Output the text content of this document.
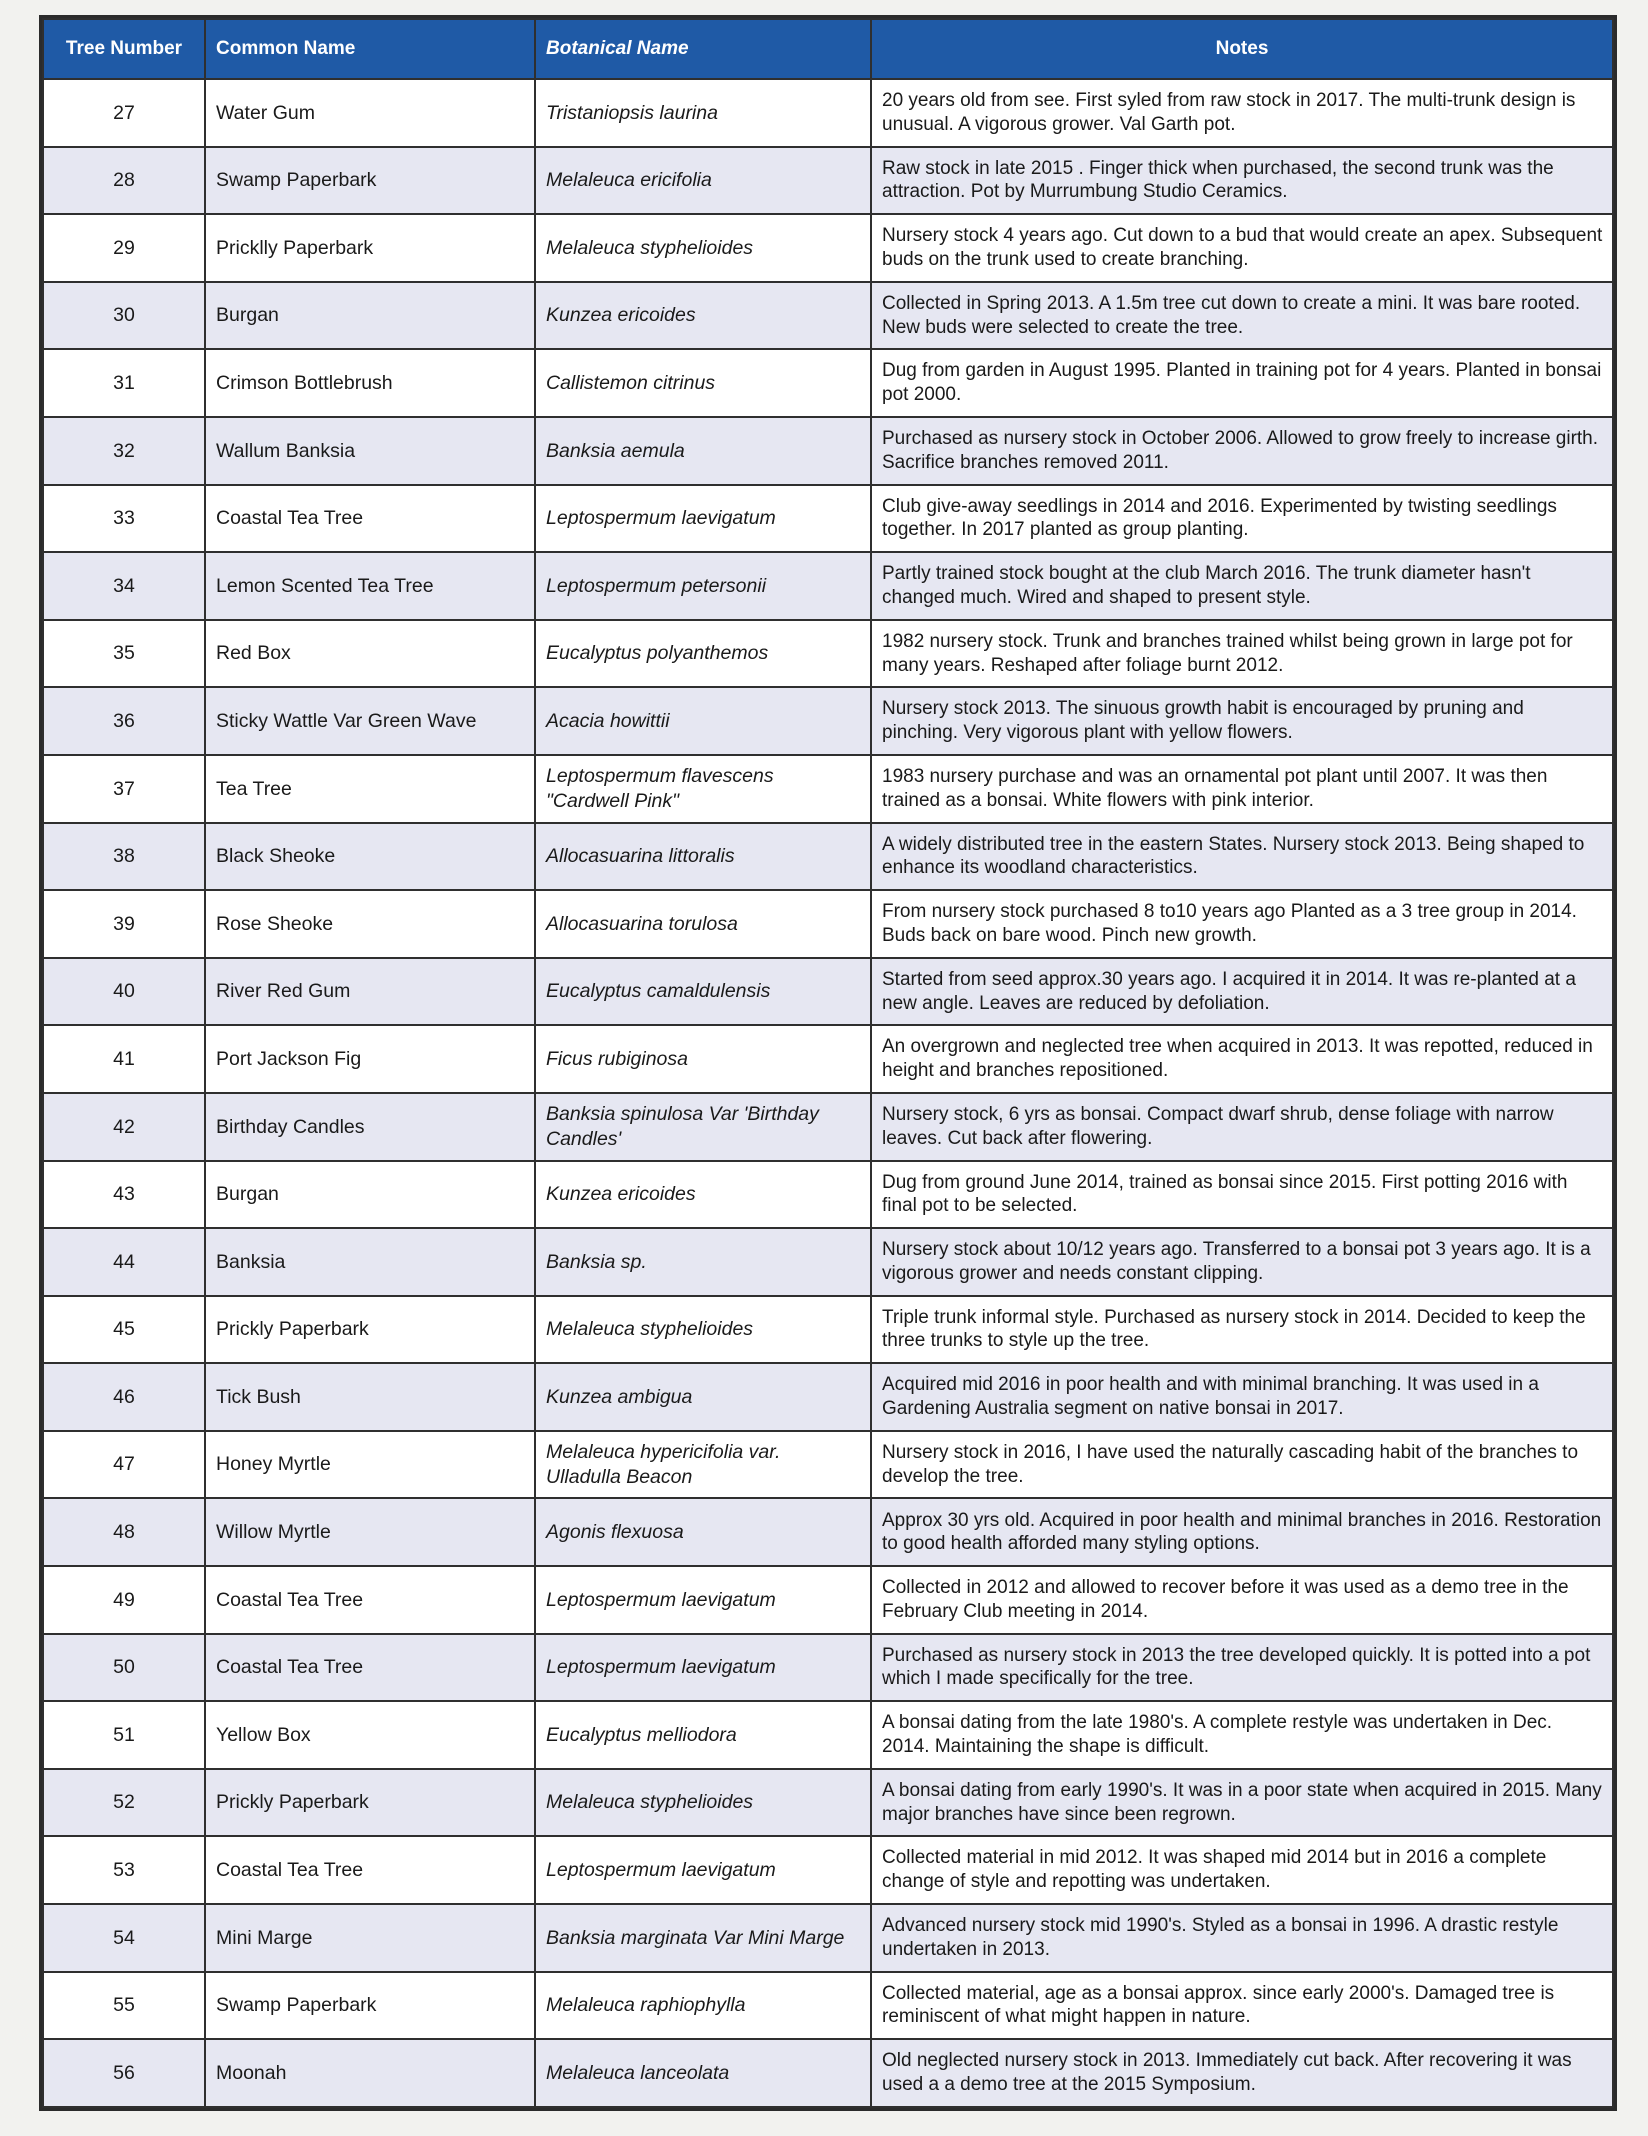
Tree Number	Common Name	Botanical Name	Notes
27	Water Gum	Tristaniopsis laurina	20 years old from see. First syled from raw stock in 2017. The multi-trunk design is unusual. A vigorous grower. Val Garth pot.
28	Swamp Paperbark	Melaleuca ericifolia	Raw stock in late 2015 . Finger thick when purchased, the second trunk was the attraction. Pot by Murrumbung Studio Ceramics.
29	Pricklly Paperbark	Melaleuca styphelioides	Nursery stock 4 years ago. Cut down to a bud that would create an apex. Subsequent buds on the trunk used to create branching.
30	Burgan	Kunzea ericoides	Collected in Spring 2013. A 1.5m tree cut down to create a mini. It was bare rooted. New buds were selected to create the tree.
31	Crimson Bottlebrush	Callistemon citrinus	Dug from garden in August 1995. Planted in training pot for 4 years. Planted in bonsai pot 2000.
32	Wallum Banksia	Banksia aemula	Purchased as nursery stock in October 2006. Allowed to grow freely to increase girth. Sacrifice branches removed 2011.
33	Coastal Tea Tree	Leptospermum laevigatum	Club give-away seedlings in 2014 and 2016. Experimented by twisting seedlings together. In 2017 planted as group planting.
34	Lemon Scented Tea Tree	Leptospermum petersonii	Partly trained stock bought at the club March 2016. The trunk diameter hasn't changed much. Wired and shaped to present style.
35	Red Box	Eucalyptus polyanthemos	1982 nursery stock. Trunk and branches trained whilst being grown in large pot for many years. Reshaped after foliage burnt 2012.
36	Sticky Wattle Var Green Wave	Acacia howittii	Nursery stock 2013. The sinuous growth habit is encouraged by pruning and pinching. Very vigorous plant with yellow flowers.
37	Tea Tree	Leptospermum flavescens "Cardwell Pink"	1983 nursery purchase and was an ornamental pot plant until 2007. It was then trained as a bonsai. White flowers with pink interior.
38	Black Sheoke	Allocasuarina littoralis	A widely distributed tree in the eastern States. Nursery stock 2013. Being shaped to enhance its woodland characteristics.
39	Rose Sheoke	Allocasuarina torulosa	From nursery stock purchased 8 to10 years ago Planted as a 3 tree group in 2014. Buds back on bare wood. Pinch new growth.
40	River Red Gum	Eucalyptus camaldulensis	Started from seed approx.30 years ago. I acquired it in 2014. It was re-planted at a new angle. Leaves are reduced by defoliation.
41	Port Jackson Fig	Ficus rubiginosa	An overgrown and neglected tree when acquired in 2013. It was repotted, reduced in height and branches repositioned.
42	Birthday Candles	Banksia spinulosa Var 'Birthday Candles'	Nursery stock, 6 yrs as bonsai. Compact dwarf shrub, dense foliage with narrow leaves. Cut back after flowering.
43	Burgan	Kunzea ericoides	Dug from ground June 2014, trained as bonsai since 2015. First potting 2016 with final pot to be selected.
44	Banksia	Banksia sp.	Nursery stock about 10/12 years ago. Transferred to a bonsai pot 3 years ago. It is a vigorous grower and needs constant clipping.
45	Prickly Paperbark	Melaleuca styphelioides	Triple trunk informal style. Purchased as nursery stock in 2014. Decided to keep the three trunks to style up the tree.
46	Tick Bush	Kunzea ambigua	Acquired mid 2016 in poor health and with minimal branching. It was used in a Gardening Australia segment on native bonsai in 2017.
47	Honey Myrtle	Melaleuca hypericifolia var. Ulladulla Beacon	Nursery stock in 2016, I have used the naturally cascading habit of the branches to develop the tree.
48	Willow Myrtle	Agonis flexuosa	Approx 30 yrs old. Acquired in poor health and minimal branches in 2016. Restoration to good health afforded many styling options.
49	Coastal Tea Tree	Leptospermum laevigatum	Collected in 2012 and allowed to recover before it was used as a demo tree in the February Club meeting in 2014.
50	Coastal Tea Tree	Leptospermum laevigatum	Purchased as nursery stock in 2013 the tree developed quickly. It is potted into a pot which I made specifically for the tree.
51	Yellow Box	Eucalyptus melliodora	A bonsai dating from the late 1980's. A complete restyle was undertaken in Dec. 2014. Maintaining the shape is difficult.
52	Prickly Paperbark	Melaleuca styphelioides	A bonsai dating from early 1990's. It was in a poor state when acquired in 2015. Many major branches have since been regrown.
53	Coastal Tea Tree	Leptospermum laevigatum	Collected material in mid 2012. It was shaped mid 2014 but in 2016 a complete change of style and repotting was undertaken.
54	Mini Marge	Banksia marginata Var Mini Marge	Advanced nursery stock mid 1990's. Styled as a bonsai in 1996. A drastic restyle undertaken in 2013.
55	Swamp Paperbark	Melaleuca raphiophylla	Collected material, age as a bonsai approx. since early 2000's. Damaged tree is reminiscent of what might happen in nature.
56	Moonah	Melaleuca lanceolata	Old neglected nursery stock in 2013. Immediately cut back. After recovering it was used a a demo tree at the 2015 Symposium.
